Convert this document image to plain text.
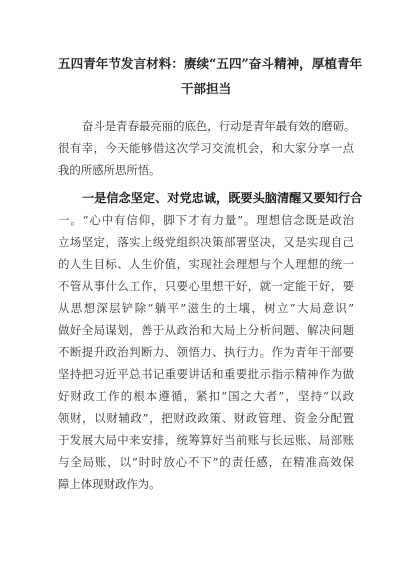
五四青年节发言材料：赓续“五四”奋斗精神，厚植青年
干部担当
奋斗是青春最亮丽的底色，行动是青年最有效的磨砺。
很有幸，今天能够借这次学习交流机会，和大家分享一点
我的所感所思所悟。
一是信念坚定、对党忠诚，既要头脑清醒又要知行合
一。“心中有信仰，脚下才有力量”。理想信念既是政治
立场坚定，落实上级党组织决策部署坚决，又是实现自己
的人生目标、人生价值，实现社会理想与个人理想的统一
不管从事什么工作，只要心里想干好，就一定能干好，要
从思想深层铲除“躺平”滋生的土壤，树立“大局意识”
做好全局谋划，善于从政治和大局上分析问题、解决问题
不断提升政治判断力、领悟力、执行力。作为青年干部要
坚持把习近平总书记重要讲话和重要批示指示精神作为做
好财政工作的根本遵循，紧扣“国之大者”，坚持“以政
领财，以财辅政”，把财政政策、财政管理、资金分配置
于发展大局中来安排，统筹算好当前账与长远账、局部账
与全局账，以“时时放心不下”的责任感，在精准高效保
障上体现财政作为。
